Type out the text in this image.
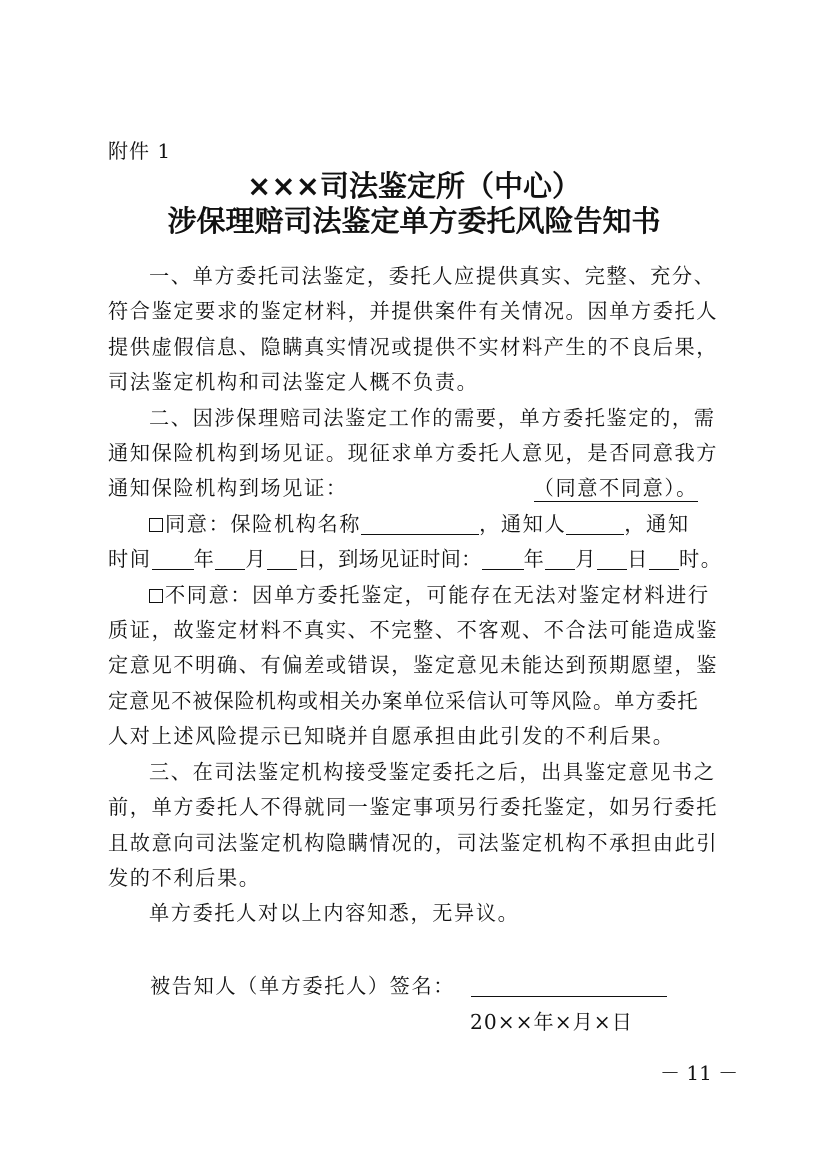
附件 1
×××司法鉴定所（中心）
涉保理赔司法鉴定单方委托风险告知书

一、单方委托司法鉴定，委托人应提供真实、完整、充分、
符合鉴定要求的鉴定材料，并提供案件有关情况。因单方委托人
提供虚假信息、隐瞒真实情况或提供不实材料产生的不良后果，
司法鉴定机构和司法鉴定人概不负责。

二、因涉保理赔司法鉴定工作的需要，单方委托鉴定的，需
通知保险机构到场见证。现征求单方委托人意见，是否同意我方
通知保险机构到场见证：	（同意不同意）。

同意：保险机构名称	，通知人	，通知
时间 年 月 日，到场见证时间： 年 月 日 时。

不同意：因单方委托鉴定，可能存在无法对鉴定材料进行
质证，故鉴定材料不真实、不完整、不客观、不合法可能造成鉴
定意见不明确、有偏差或错误，鉴定意见未能达到预期愿望，鉴
定意见不被保险机构或相关办案单位采信认可等风险。单方委托
人对上述风险提示已知晓并自愿承担由此引发的不利后果。

三、在司法鉴定机构接受鉴定委托之后，出具鉴定意见书之
前，单方委托人不得就同一鉴定事项另行委托鉴定，如另行委托
且故意向司法鉴定机构隐瞒情况的，司法鉴定机构不承担由此引
发的不利后果。

单方委托人对以上内容知悉，无异议。

被告知人（单方委托人）签名：
20××年×月×日
－ 11 －
